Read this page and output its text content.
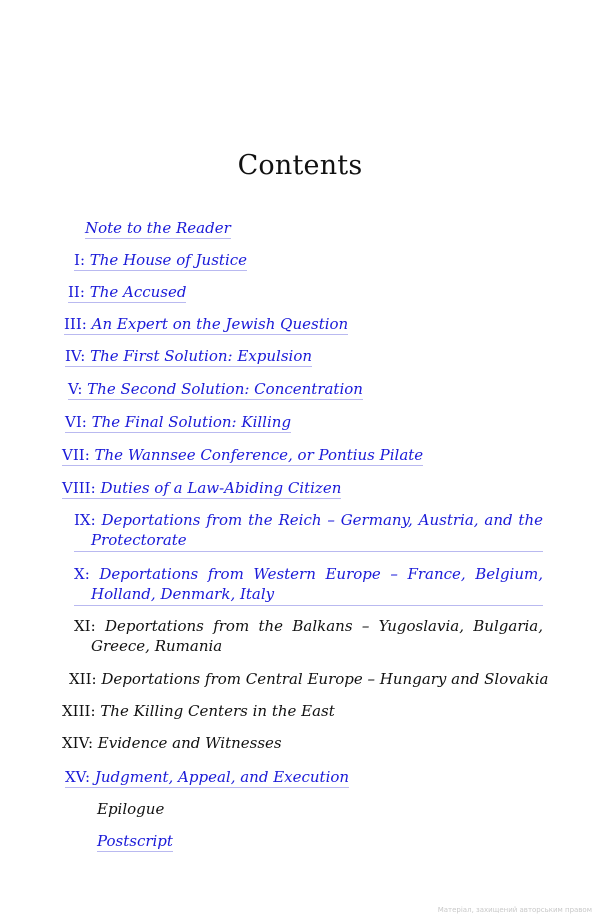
Contents
Note to the Reader
I: The House of Justice
II: The Accused
III: An Expert on the Jewish Question
IV: The First Solution: Expulsion
V: The Second Solution: Concentration
VI: The Final Solution: Killing
VII: The Wannsee Conference, or Pontius Pilate
VIII: Duties of a Law-Abiding Citizen
IX: Deportations from the Reich – Germany, Austria, and the Protectorate
X: Deportations from Western Europe – France, Belgium, Holland, Denmark, Italy
XI: Deportations from the Balkans – Yugoslavia, Bulgaria, Greece, Rumania
XII: Deportations from Central Europe – Hungary and Slovakia
XIII: The Killing Centers in the East
XIV: Evidence and Witnesses
XV: Judgment, Appeal, and Execution
Epilogue
Postscript
Матеріал, захищений авторським правом
